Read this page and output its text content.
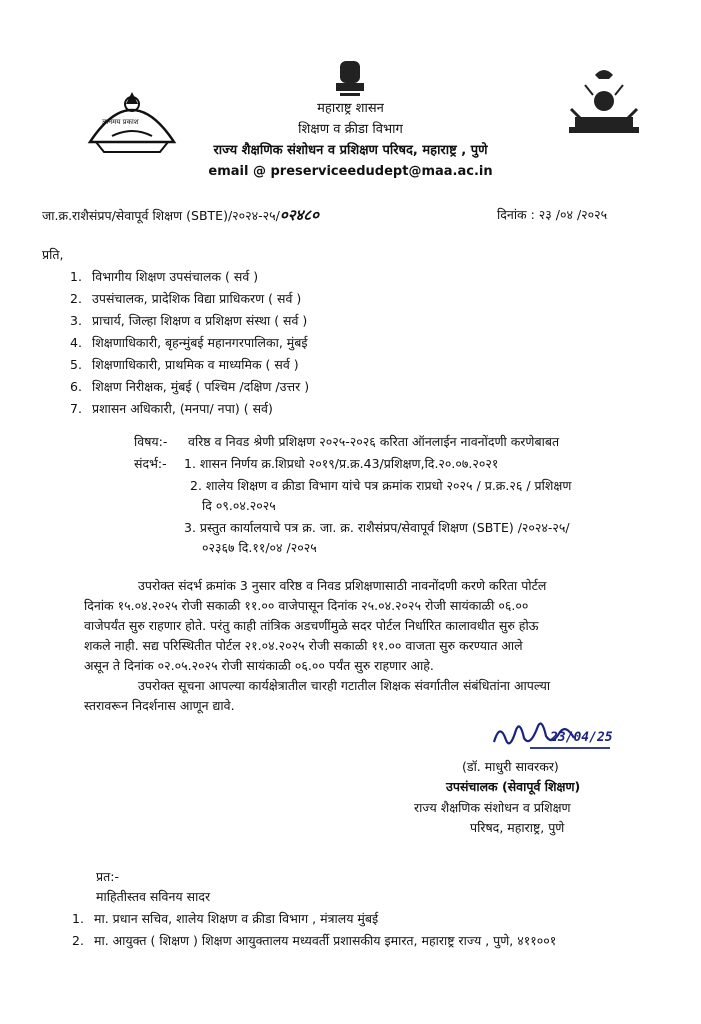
ज्ञानमय प्रकाश
महाराष्ट्र शासन
शिक्षण व क्रीडा विभाग
राज्य शैक्षणिक संशोधन व प्रशिक्षण परिषद, महाराष्ट्र , पुणे
email @ preserviceedudept@maa.ac.in
जा.क्र.राशैसंप्रप/सेवापूर्व शिक्षण (SBTE)/२०२४-२५/०२४८०	दिनांक : २३ /०४ /२०२५
प्रति,
1. विभागीय शिक्षण उपसंचालक ( सर्व )
2. उपसंचालक, प्रादेशिक विद्या प्राधिकरण ( सर्व )
3. प्राचार्य, जिल्हा शिक्षण व प्रशिक्षण संस्था ( सर्व )
4. शिक्षणाधिकारी, बृहन्मुंबई महानगरपालिका, मुंबई
5. शिक्षणाधिकारी, प्राथमिक व माध्यमिक ( सर्व )
6. शिक्षण निरीक्षक, मुंबई ( पश्चिम /दक्षिण /उत्तर )
7. प्रशासन अधिकारी, (मनपा/ नपा) ( सर्व)
विषय:- वरिष्ठ व निवड श्रेणी प्रशिक्षण २०२५-२०२६ करिता ऑनलाईन नावनोंदणी करणेबाबत
संदर्भ:- 1. शासन निर्णय क्र.शिप्रधो २०१९/प्र.क्र.43/प्रशिक्षण,दि.२०.०७.२०२१
2. शालेय शिक्षण व क्रीडा विभाग यांचे पत्र क्रमांक राप्रधो २०२५ / प्र.क्र.२६ / प्रशिक्षण
दि ०९.०४.२०२५
3. प्रस्तुत कार्यालयाचे पत्र क्र. जा. क्र. राशैसंप्रप/सेवापूर्व शिक्षण (SBTE) /२०२४-२५/
०२३६७ दि.११/०४ /२०२५
उपरोक्त संदर्भ क्रमांक 3 नुसार वरिष्ठ व निवड प्रशिक्षणासाठी नावनोंदणी करणे करिता पोर्टल
दिनांक १५.०४.२०२५ रोजी सकाळी ११.०० वाजेपासून दिनांक २५.०४.२०२५ रोजी सायंकाळी ०६.००
वाजेपर्यंत सुरु राहणार होते. परंतु काही तांत्रिक अडचणींमुळे सदर पोर्टल निर्धारित कालावधीत सुरु होऊ
शकले नाही. सद्य परिस्थितीत पोर्टल २१.०४.२०२५ रोजी सकाळी ११.०० वाजता सुरु करण्यात आले
असून ते दिनांक ०२.०५.२०२५ रोजी सायंकाळी ०६.०० पर्यंत सुरु राहणार आहे.
उपरोक्त सूचना आपल्या कार्यक्षेत्रातील चारही गटातील शिक्षक संवर्गातील संबंधितांना आपल्या
स्तरावरून निदर्शनास आणून द्यावे.
23/04/25
(डॉ. माधुरी सावरकर)
उपसंचालक (सेवापूर्व शिक्षण)
राज्य शैक्षणिक संशोधन व प्रशिक्षण
परिषद, महाराष्ट्र, पुणे
प्रत:-
माहितीस्तव सविनय सादर
1. मा. प्रधान सचिव, शालेय शिक्षण व क्रीडा विभाग , मंत्रालय मुंबई
2. मा. आयुक्त ( शिक्षण ) शिक्षण आयुक्तालय मध्यवर्ती प्रशासकीय इमारत, महाराष्ट्र राज्य , पुणे, ४११००१
